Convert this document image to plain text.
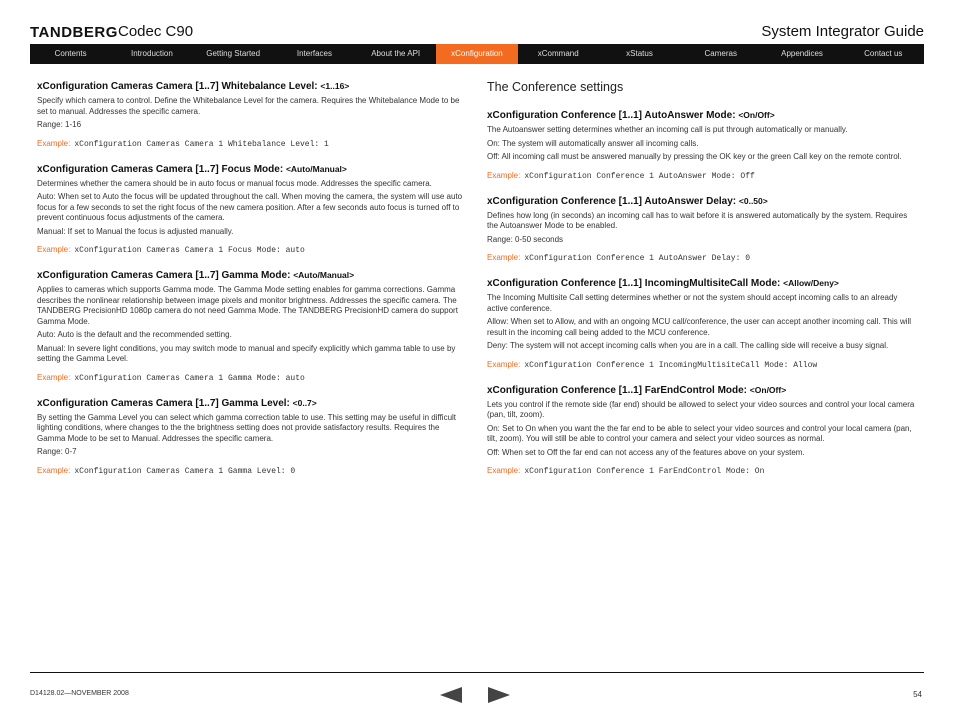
TANDBERG Codec C90	System Integrator Guide
Contents	Introduction	Getting Started	Interfaces	About the API	xConfiguration	xCommand	xStatus	Cameras	Appendices	Contact us
xConfiguration Cameras Camera [1..7] Whitebalance Level: <1..16>

Specify which camera to control. Define the Whitebalance Level for the camera. Requires the Whitebalance Mode to be set to manual. Addresses the specific camera.

Range: 1-16

Example: xConfiguration Cameras Camera 1 Whitebalance Level: 1
xConfiguration Cameras Camera [1..7] Focus Mode: <Auto/Manual>

Determines whether the camera should be in auto focus or manual focus mode. Addresses the specific camera.

Auto: When set to Auto the focus will be updated throughout the call. When moving the camera, the system will use auto focus for a few seconds to set the right focus of the new camera position. After a few seconds auto focus is turned off to prevent continuous focus adjustments of the camera.

Manual: If set to Manual the focus is adjusted manually.

Example: xConfiguration Cameras Camera 1 Focus Mode: auto
xConfiguration Cameras Camera [1..7] Gamma Mode: <Auto/Manual>

Applies to cameras which supports Gamma mode. The Gamma Mode setting enables for gamma corrections. Gamma describes the nonlinear relationship between image pixels and monitor brightness. Addresses the specific camera. The TANDBERG PrecisionHD 1080p camera do not need Gamma Mode. The TANDBERG PrecisionHD camera do support Gamma Mode.

Auto: Auto is the default and the recommended setting.

Manual: In severe light conditions, you may switch mode to manual and specify explicitly which gamma table to use by setting the Gamma Level.

Example: xConfiguration Cameras Camera 1 Gamma Mode: auto
xConfiguration Cameras Camera [1..7] Gamma Level: <0..7>

By setting the Gamma Level you can select which gamma correction table to use. This setting may be useful in difficult lighting conditions, where changes to the the brightness setting does not provide satisfactory results. Requires the Gamma Mode to be set to Manual. Addresses the specific camera.

Range: 0-7

Example: xConfiguration Cameras Camera 1 Gamma Level: 0
The Conference settings
xConfiguration Conference [1..1] AutoAnswer Mode: <On/Off>

The Autoanswer setting determines whether an incoming call is put through automatically or manually.

On: The system will automatically answer all incoming calls.

Off: All incoming call must be answered manually by pressing the OK key or the green Call key on the remote control.

Example: xConfiguration Conference 1 AutoAnswer Mode: Off
xConfiguration Conference [1..1] AutoAnswer Delay: <0..50>

Defines how long (in seconds) an incoming call has to wait before it is answered automatically by the system. Requires the Autoanswer Mode to be enabled.

Range: 0-50 seconds

Example: xConfiguration Conference 1 AutoAnswer Delay: 0
xConfiguration Conference [1..1] IncomingMultisiteCall Mode: <Allow/Deny>

The Incoming Multisite Call setting determines whether or not the system should accept incoming calls to an already active conference.

Allow: When set to Allow, and with an ongoing MCU call/conference, the user can accept another incoming call. This will result in the incoming call being added to the MCU conference.

Deny: The system will not accept incoming calls when you are in a call. The calling side will receive a busy signal.

Example: xConfiguration Conference 1 IncomingMultisiteCall Mode: Allow
xConfiguration Conference [1..1] FarEndControl Mode: <On/Off>

Lets you control if the remote side (far end) should be allowed to select your video sources and control your local camera (pan, tilt, zoom).

On: Set to On when you want the the far end to be able to select your video sources and control your local camera (pan, tilt, zoom). You will still be able to control your camera and select your video sources as normal.

Off: When set to Off the far end can not access any of the features above on your system.

Example: xConfiguration Conference 1 FarEndControl Mode: On
D14128.02—NOVEMBER 2008	54
